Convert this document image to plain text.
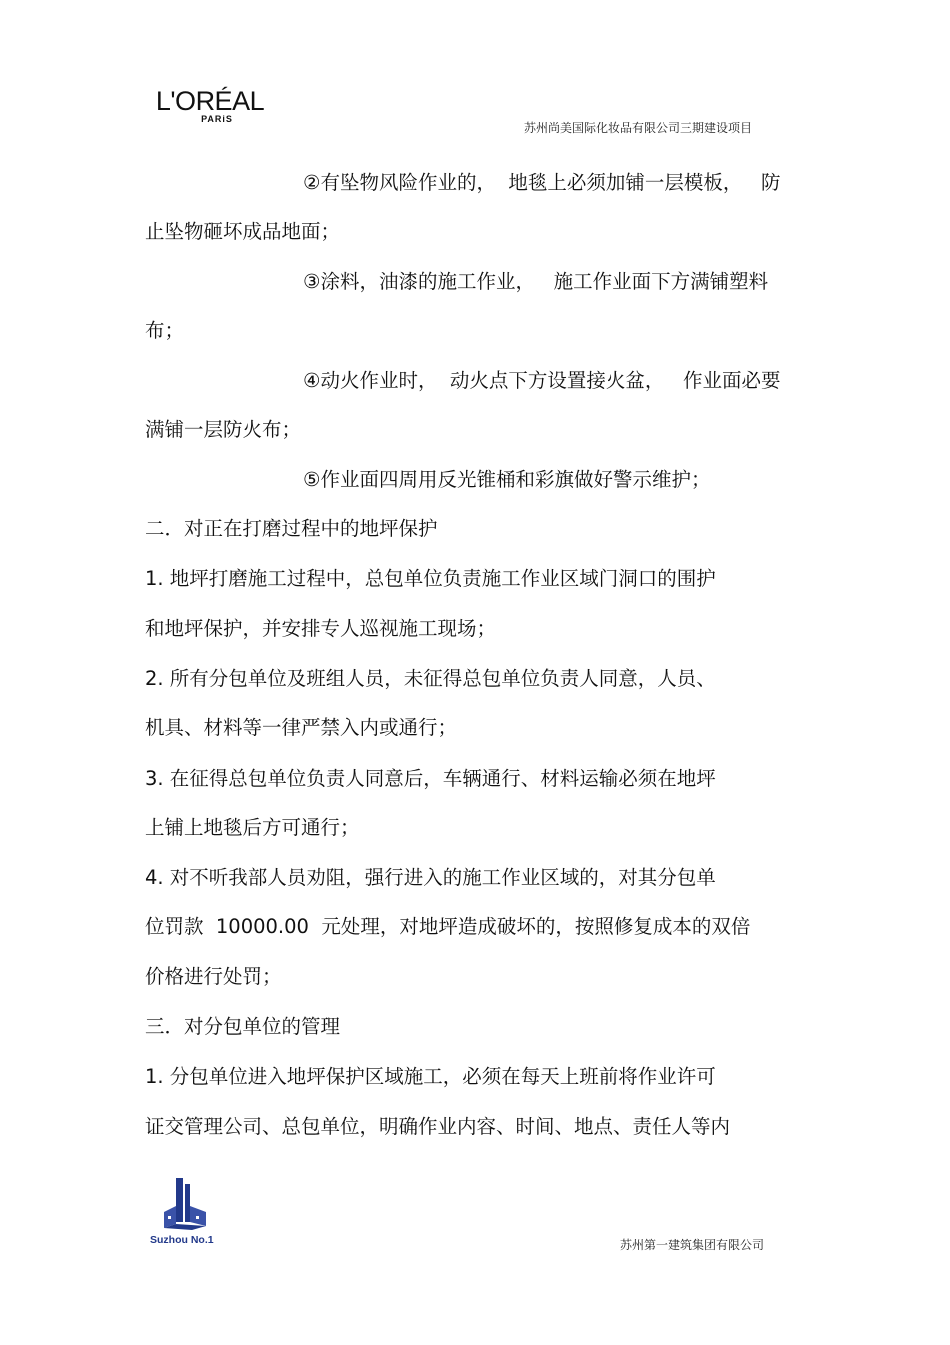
L'ORÉAL
PARiS
苏州尚美国际化妆品有限公司三期建设项目
②有坠物风险作业的，  地毯上必须加铺一层模板，   防
止坠物砸坏成品地面；
③涂料，油漆的施工作业，   施工作业面下方满铺塑料
布；
④动火作业时，  动火点下方设置接火盆，   作业面必要
满铺一层防火布；
⑤作业面四周用反光锥桶和彩旗做好警示维护；
二．对正在打磨过程中的地坪保护
1. 地坪打磨施工过程中，总包单位负责施工作业区域门洞口的围护
和地坪保护，并安排专人巡视施工现场；
2. 所有分包单位及班组人员，未征得总包单位负责人同意，人员、
机具、材料等一律严禁入内或通行；
3. 在征得总包单位负责人同意后，车辆通行、材料运输必须在地坪
上铺上地毯后方可通行；
4. 对不听我部人员劝阻，强行进入的施工作业区域的，对其分包单
位罚款  10000.00  元处理，对地坪造成破坏的，按照修复成本的双倍
价格进行处罚；
三．对分包单位的管理
1. 分包单位进入地坪保护区域施工，必须在每天上班前将作业许可
证交管理公司、总包单位，明确作业内容、时间、地点、责任人等内
Suzhou No.1	苏州第一建筑集团有限公司
